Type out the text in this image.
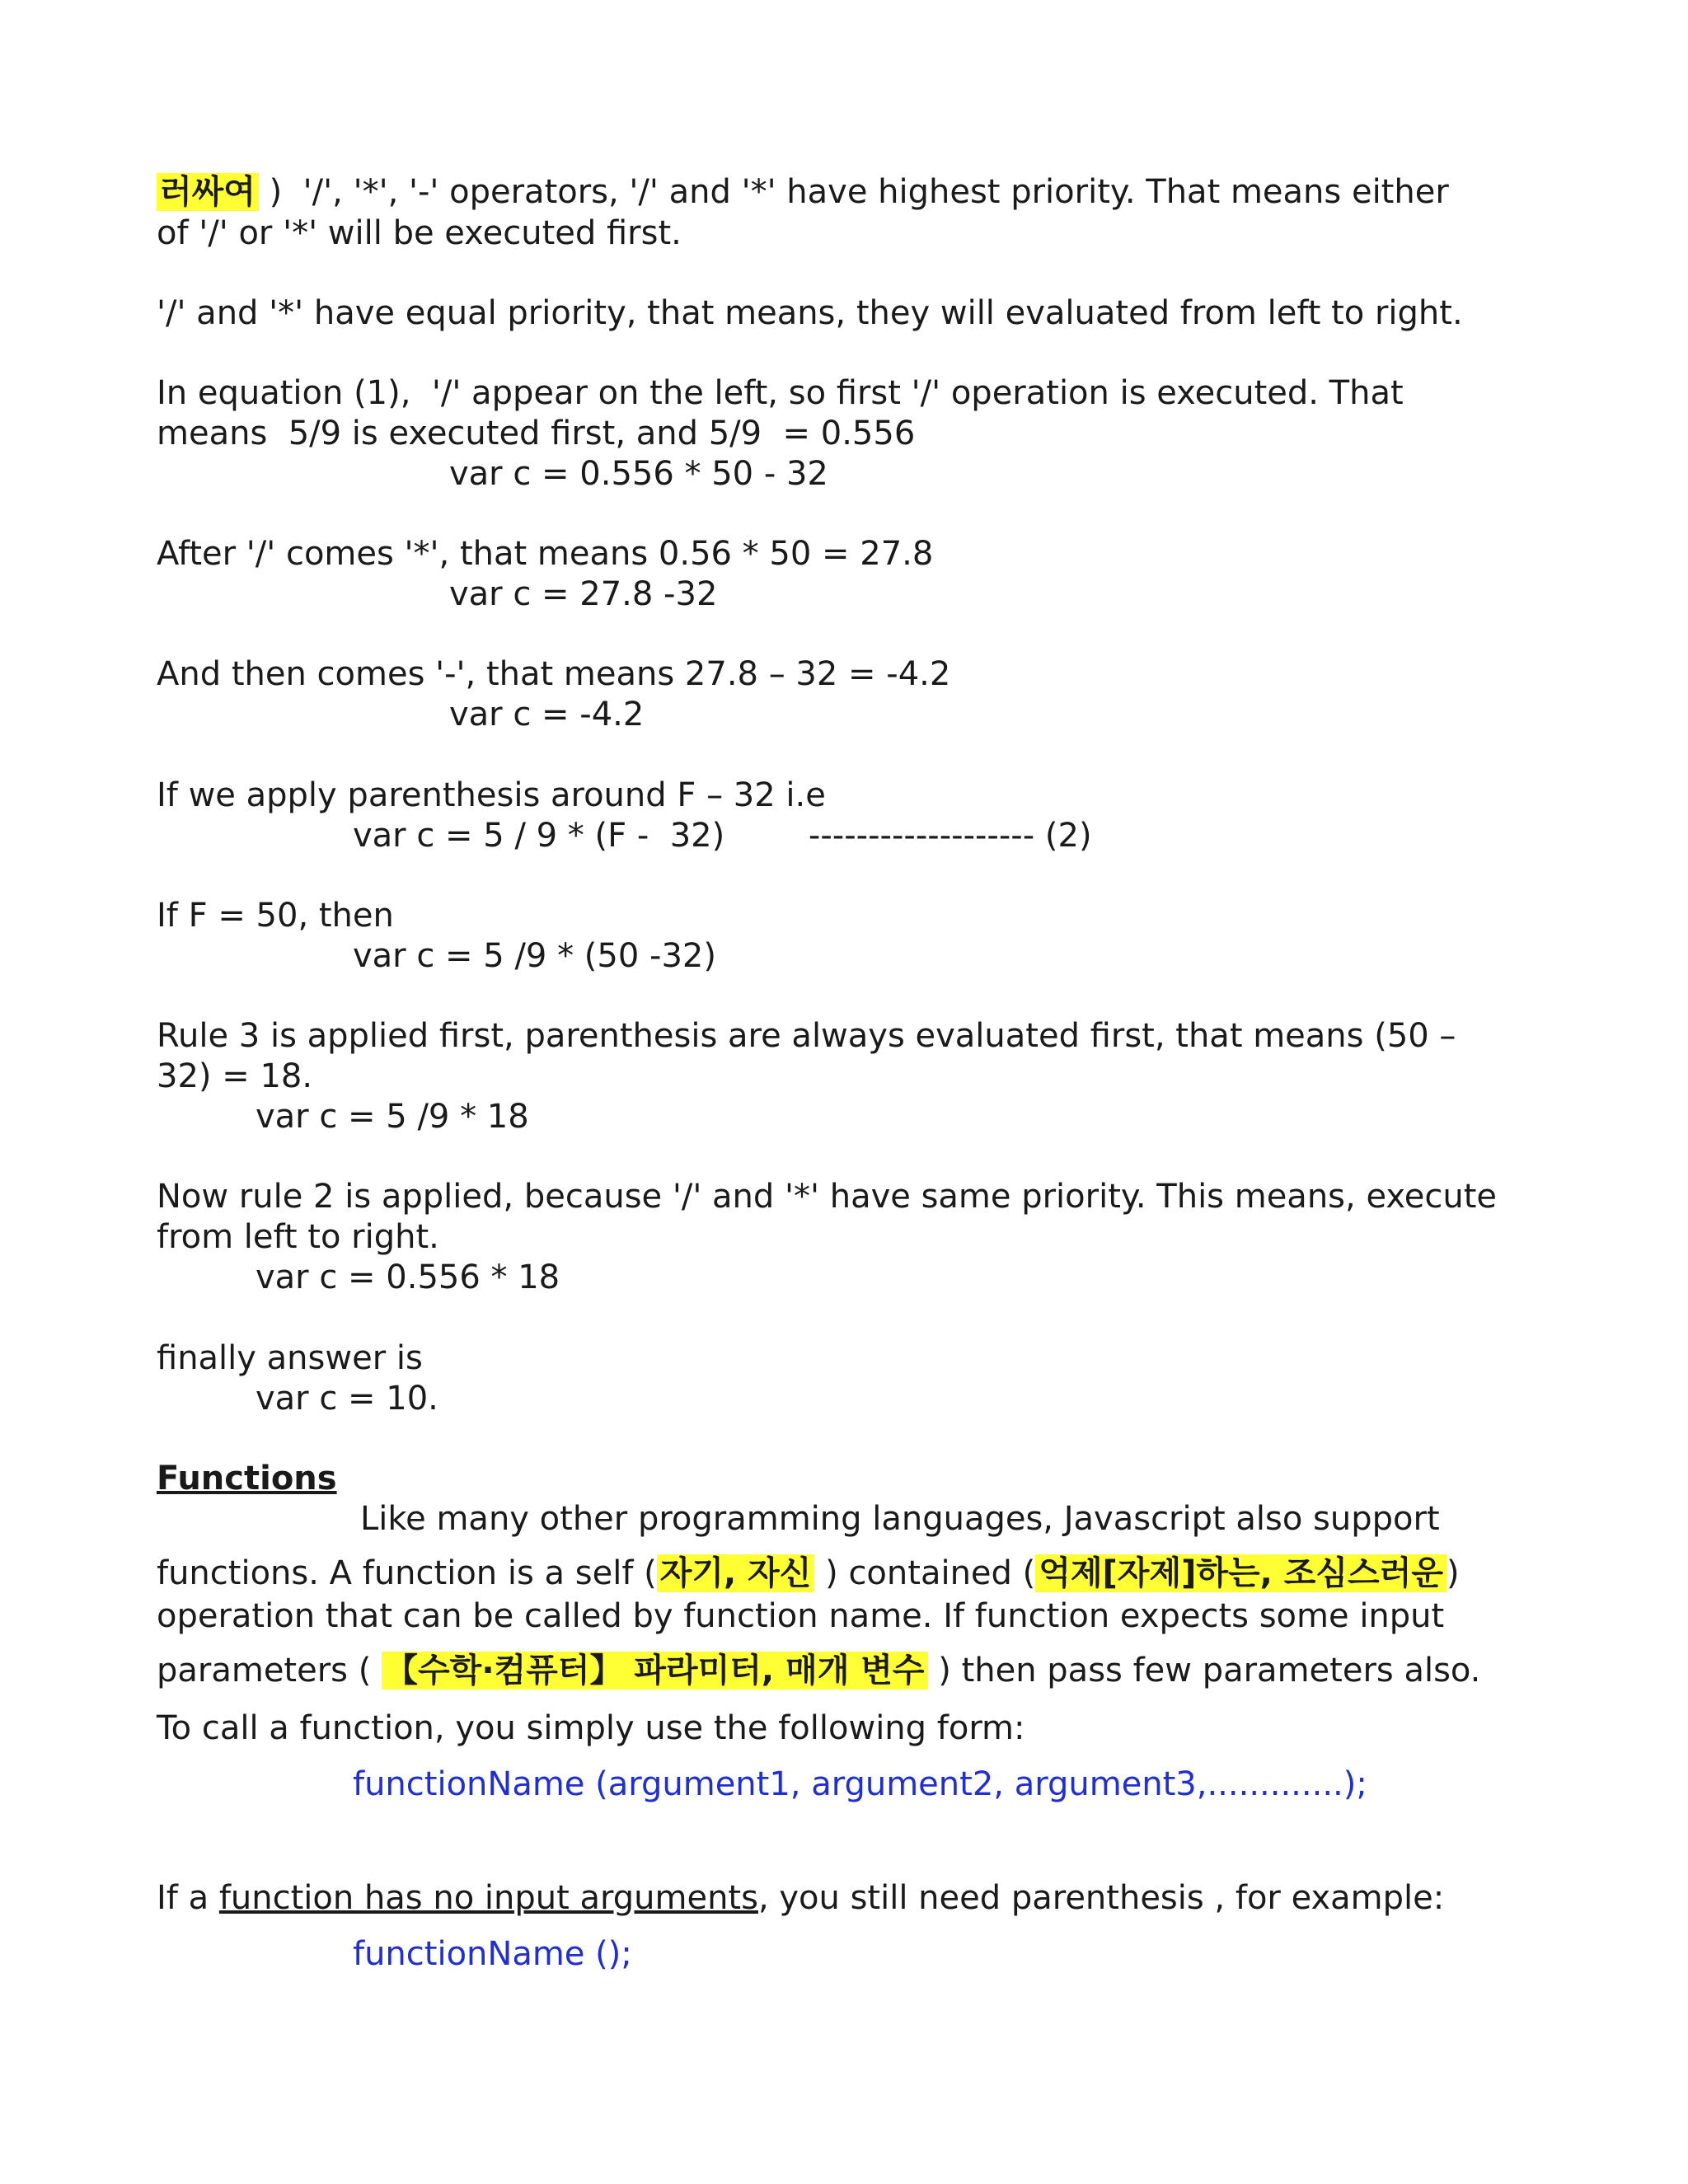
러싸여 )  '/', '*', '-' operators, '/' and '*' have highest priority. That means either
of '/' or '*' will be executed first.
'/' and '*' have equal priority, that means, they will evaluated from left to right.
In equation (1),  '/' appear on the left, so first '/' operation is executed. That
means  5/9 is executed first, and 5/9  = 0.556
var c = 0.556 * 50 - 32
After '/' comes '*', that means 0.56 * 50 = 27.8
var c = 27.8 -32
And then comes '-', that means 27.8 – 32 = -4.2
var c = -4.2
If we apply parenthesis around F – 32 i.e
var c = 5 / 9 * (F -  32)        ------------------- (2)
If F = 50, then
var c = 5 /9 * (50 -32)
Rule 3 is applied first, parenthesis are always evaluated first, that means (50 –
32) = 18.
var c = 5 /9 * 18
Now rule 2 is applied, because '/' and '*' have same priority. This means, execute
from left to right.
var c = 0.556 * 18
finally answer is
var c = 10.
Functions
Like many other programming languages, Javascript also support
functions. A function is a self ( 자기, 자신 ) contained ( 억제[자제]하는, 조심스러운 )
operation that can be called by function name. If function expects some input
parameters ( 【수학·컴퓨터】 파라미터, 매개 변수 ) then pass few parameters also.
To call a function, you simply use the following form:
functionName (argument1, argument2, argument3,.............);
If a function has no input arguments, you still need parenthesis , for example:
functionName ();
